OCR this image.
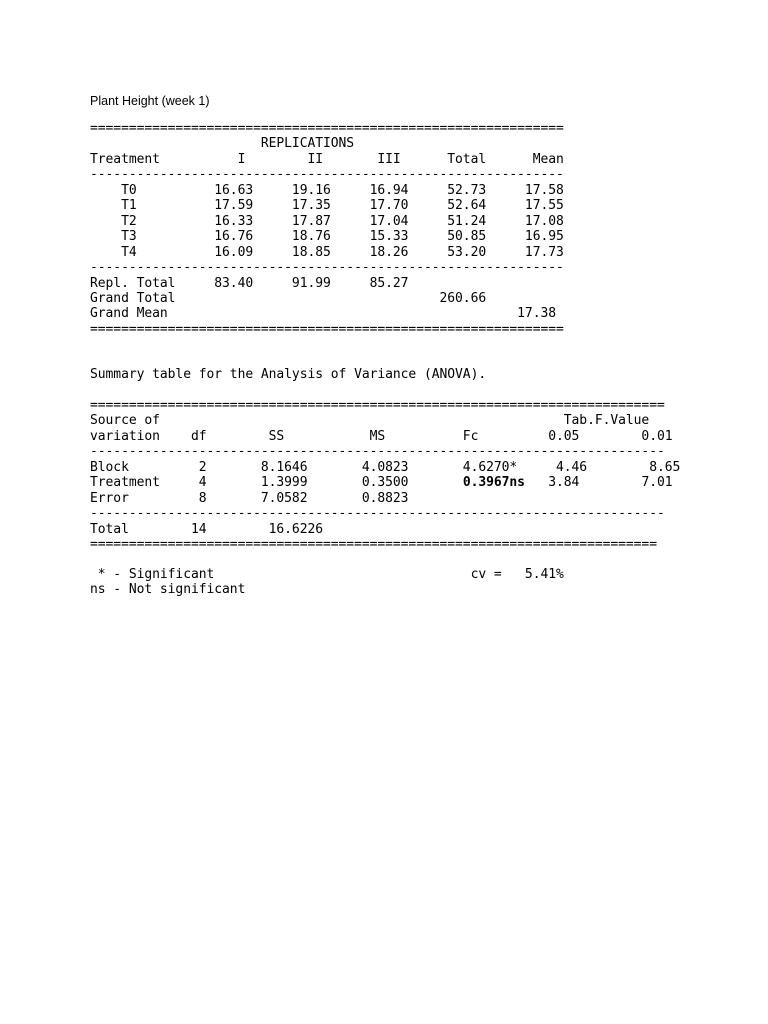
Plant Height (week 1)
=============================================================
REPLICATIONS
Treatment          I        II       III      Total      Mean
-------------------------------------------------------------
T0          16.63     19.16     16.94     52.73     17.58
T1          17.59     17.35     17.70     52.64     17.55
T2          16.33     17.87     17.04     51.24     17.08
T3          16.76     18.76     15.33     50.85     16.95
T4          16.09     18.85     18.26     53.20     17.73
-------------------------------------------------------------
Repl. Total     83.40     91.99     85.27
Grand Total                                  260.66
Grand Mean                                             17.38
=============================================================
Summary table for the Analysis of Variance (ANOVA).
==========================================================================
Source of                                                    Tab.F.Value
variation    df        SS           MS          Fc         0.05        0.01
--------------------------------------------------------------------------
Block         2       8.1646       4.0823       4.6270*     4.46        8.65
Treatment     4       1.3999       0.3500       0.3967ns   3.84        7.01
Error         8       7.0582       0.8823
--------------------------------------------------------------------------
Total        14        16.6226
=========================================================================
* - Significant                                 cv =   5.41%
ns - Not significant
